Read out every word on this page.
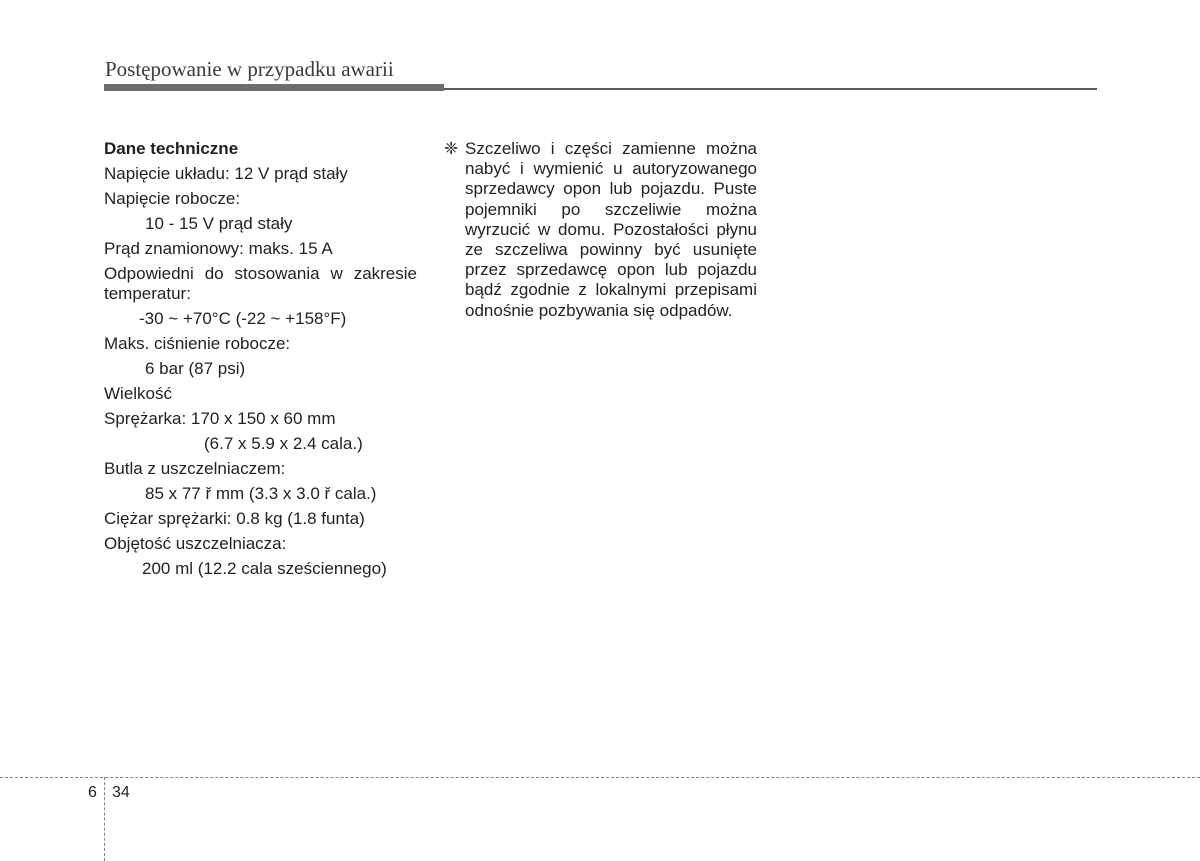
Postępowanie w przypadku awarii
Dane techniczne
Napięcie układu: 12 V prąd stały
Napięcie robocze:
10 - 15 V prąd stały
Prąd znamionowy: maks. 15 A
Odpowiedni do stosowania w zakresie temperatur:
-30 ~ +70°C (-22 ~ +158°F)
Maks. ciśnienie robocze:
6 bar (87 psi)
Wielkość
Sprężarka: 170 x 150 x 60 mm
(6.7 x 5.9 x 2.4 cala.)
Butla z uszczelniaczem:
85 x 77 ř mm (3.3 x 3.0 ř cala.)
Ciężar sprężarki: 0.8 kg (1.8 funta)
Objętość uszczelniacza:
200 ml (12.2 cala sześciennego)
❈ Szczeliwo i części zamienne można nabyć i wymienić u autoryzowanego sprzedawcy opon lub pojazdu. Puste pojemniki po szczeliwie można wyrzucić w domu. Pozostałości płynu ze szczeliwa powinny być usunięte przez sprzedawcę opon lub pojazdu bądź zgodnie z lokalnymi przepisami odnośnie pozbywania się odpadów.
6 34
